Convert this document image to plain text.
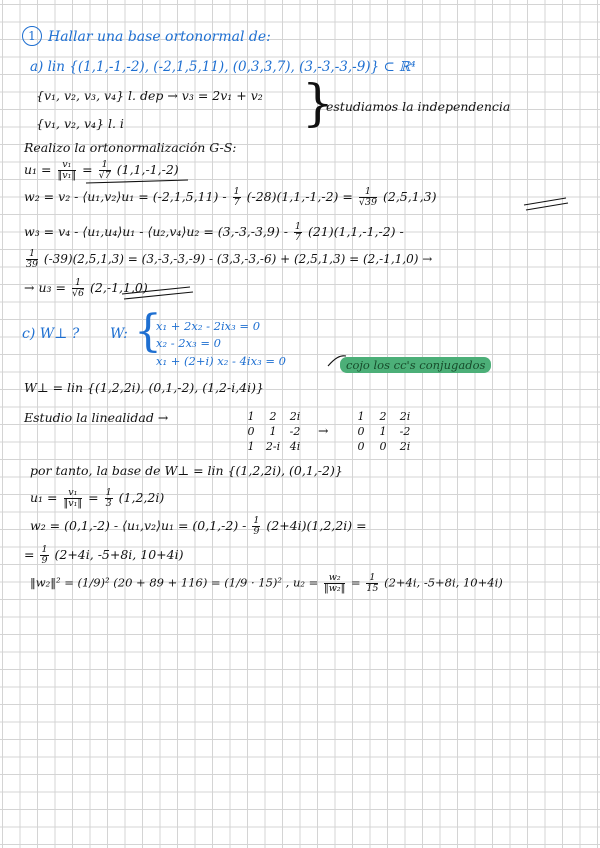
1 Hallar una base ortonormal de:
a) lin {(1,1,-1,-2), (-2,1,5,11), (0,3,3,7), (3,-3,-3,-9)} ⊂ ℝ⁴
{v₁, v₂, v₃, v₄} l. dep → v₃ = 2v₁ + v₂
{v₁, v₂, v₄} l. i	}
estudiamos la independencia
Realizo la ortonormalización G-S:
$u_1 = \frac{\text{v₁}}{\text{‖v₁‖}} = \frac{1}{√7} (1,1,-1,-2)$
w₂ = v₂ - ⟨u₁,v₂⟩u₁ = $(-2,1,5,11) - \frac{1}{7} (-28)(1,1,-1,-2) = \frac{1}{√39} (2,5,1,3)$
w₃ = v₄ - ⟨u₁,u₄⟩u₁ - ⟨u₂,v₄⟩u₂ = $(3,-3,-3,9) - \frac{1}{7} (21)(1,1,-1,-2)$ -
$\frac{1}{39} (-39)(2,5,1,3) = (3,-3,-3,-9) - (3,3,-3,-6) + (2,5,1,3) = (2,-1,1,0)$ →
→ $u_3 = \frac{1}{√6} (2,-1,1,0)$
c) W⊥ ? W: {
x₁ + 2x₂ - 2ix₃ = 0
x₂ - 2x₃ = 0
x₁ + (2+i) x₂ - 4ix₃ = 0	cojo los cc's conjugados
W⊥ = lin {(1,2,2i), (0,1,-2), (1,2-i,4i)}
Estudio la linealidad →	1 2 2i
0 1 -2
1 2-i 4i
→
1 2 2i
0 1 -2
0 0 2i
por tanto, la base de W⊥ = lin {(1,2,2i), (0,1,-2)}
$u_1 = \frac{\text{v₁}}{\text{‖v₁‖}} = \frac{1}{3} (1,2,2i)$
w₂ = (0,1,-2) - ⟨u₁,v₂⟩u₁ = $(0,1,-2) - \frac{1}{9} (2+4i)(1,2,2i)$ =
= $\frac{1}{9} (2+4i$, -5+8i, 10+4i)
‖w₂‖² = (1/9)² (20 + 89 + 116) = (1/9 · 15)² , $u_2 = \frac{\text{w₂}}{\text{‖w₂‖}} = \frac{1}{15} (2+4i$, -5+8i, 10+4i)
